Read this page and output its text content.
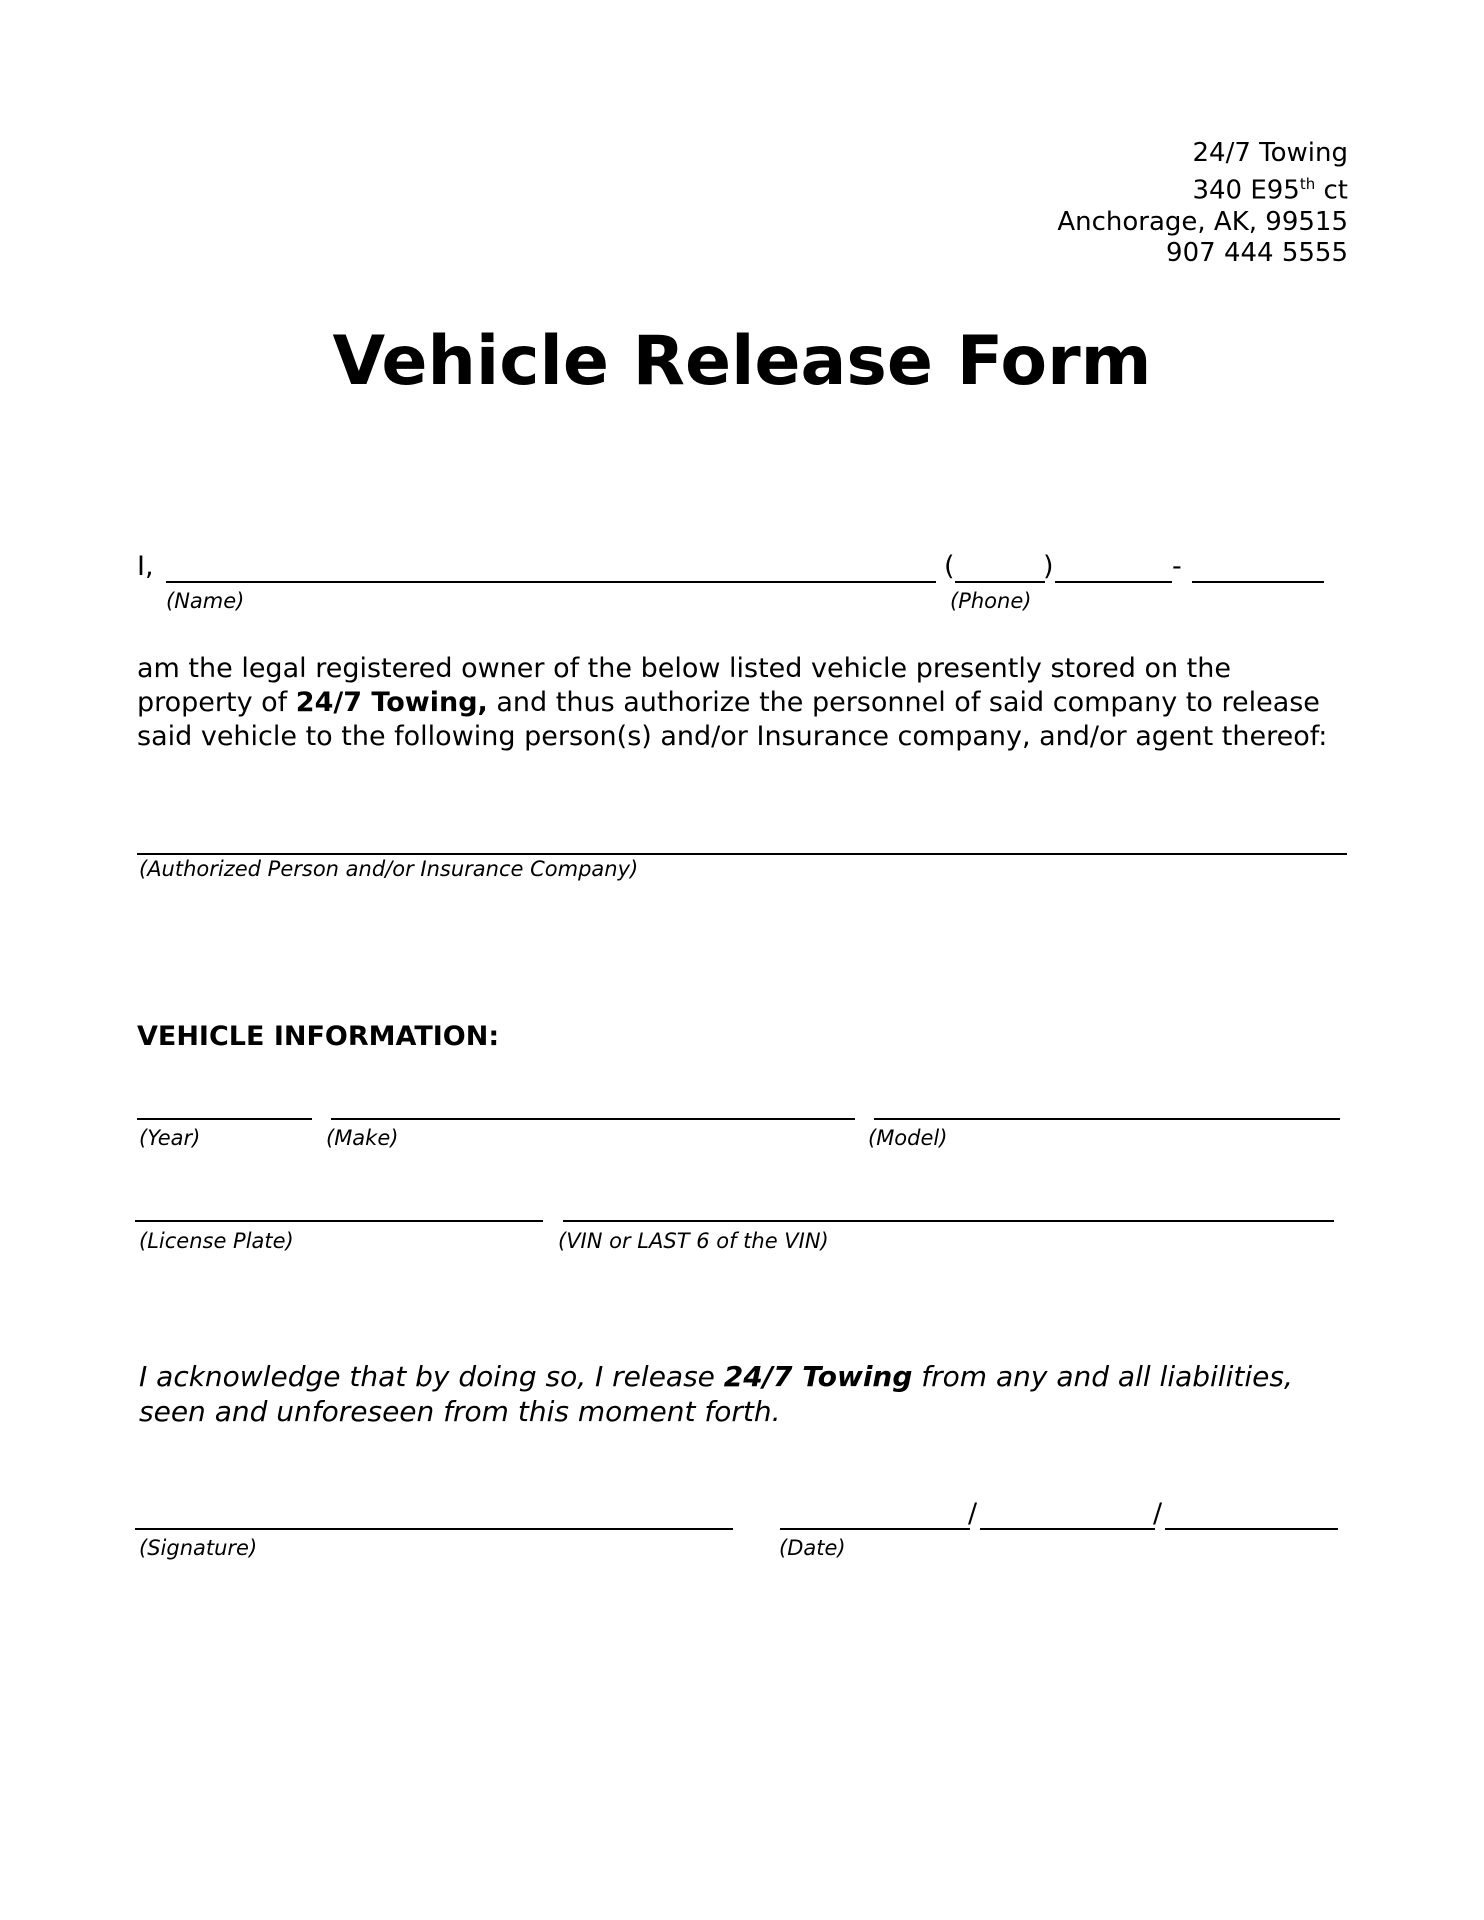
24/7 Towing
340 E95th ct
Anchorage, AK, 99515
907 444 5555
Vehicle Release Form
I,	(	)	-
(Name)	(Phone)
am the legal registered owner of the below listed vehicle presently stored on the property of 24/7 Towing, and thus authorize the personnel of said company to release said vehicle to the following person(s) and/or Insurance company, and/or agent thereof:
(Authorized Person and/or Insurance Company)
VEHICLE INFORMATION:
(Year)	(Make)	(Model)
(License Plate)	(VIN or LAST 6 of the VIN)
I acknowledge that by doing so, I release 24/7 Towing from any and all liabilities, seen and unforeseen from this moment forth.
/	/
(Signature)	(Date)
